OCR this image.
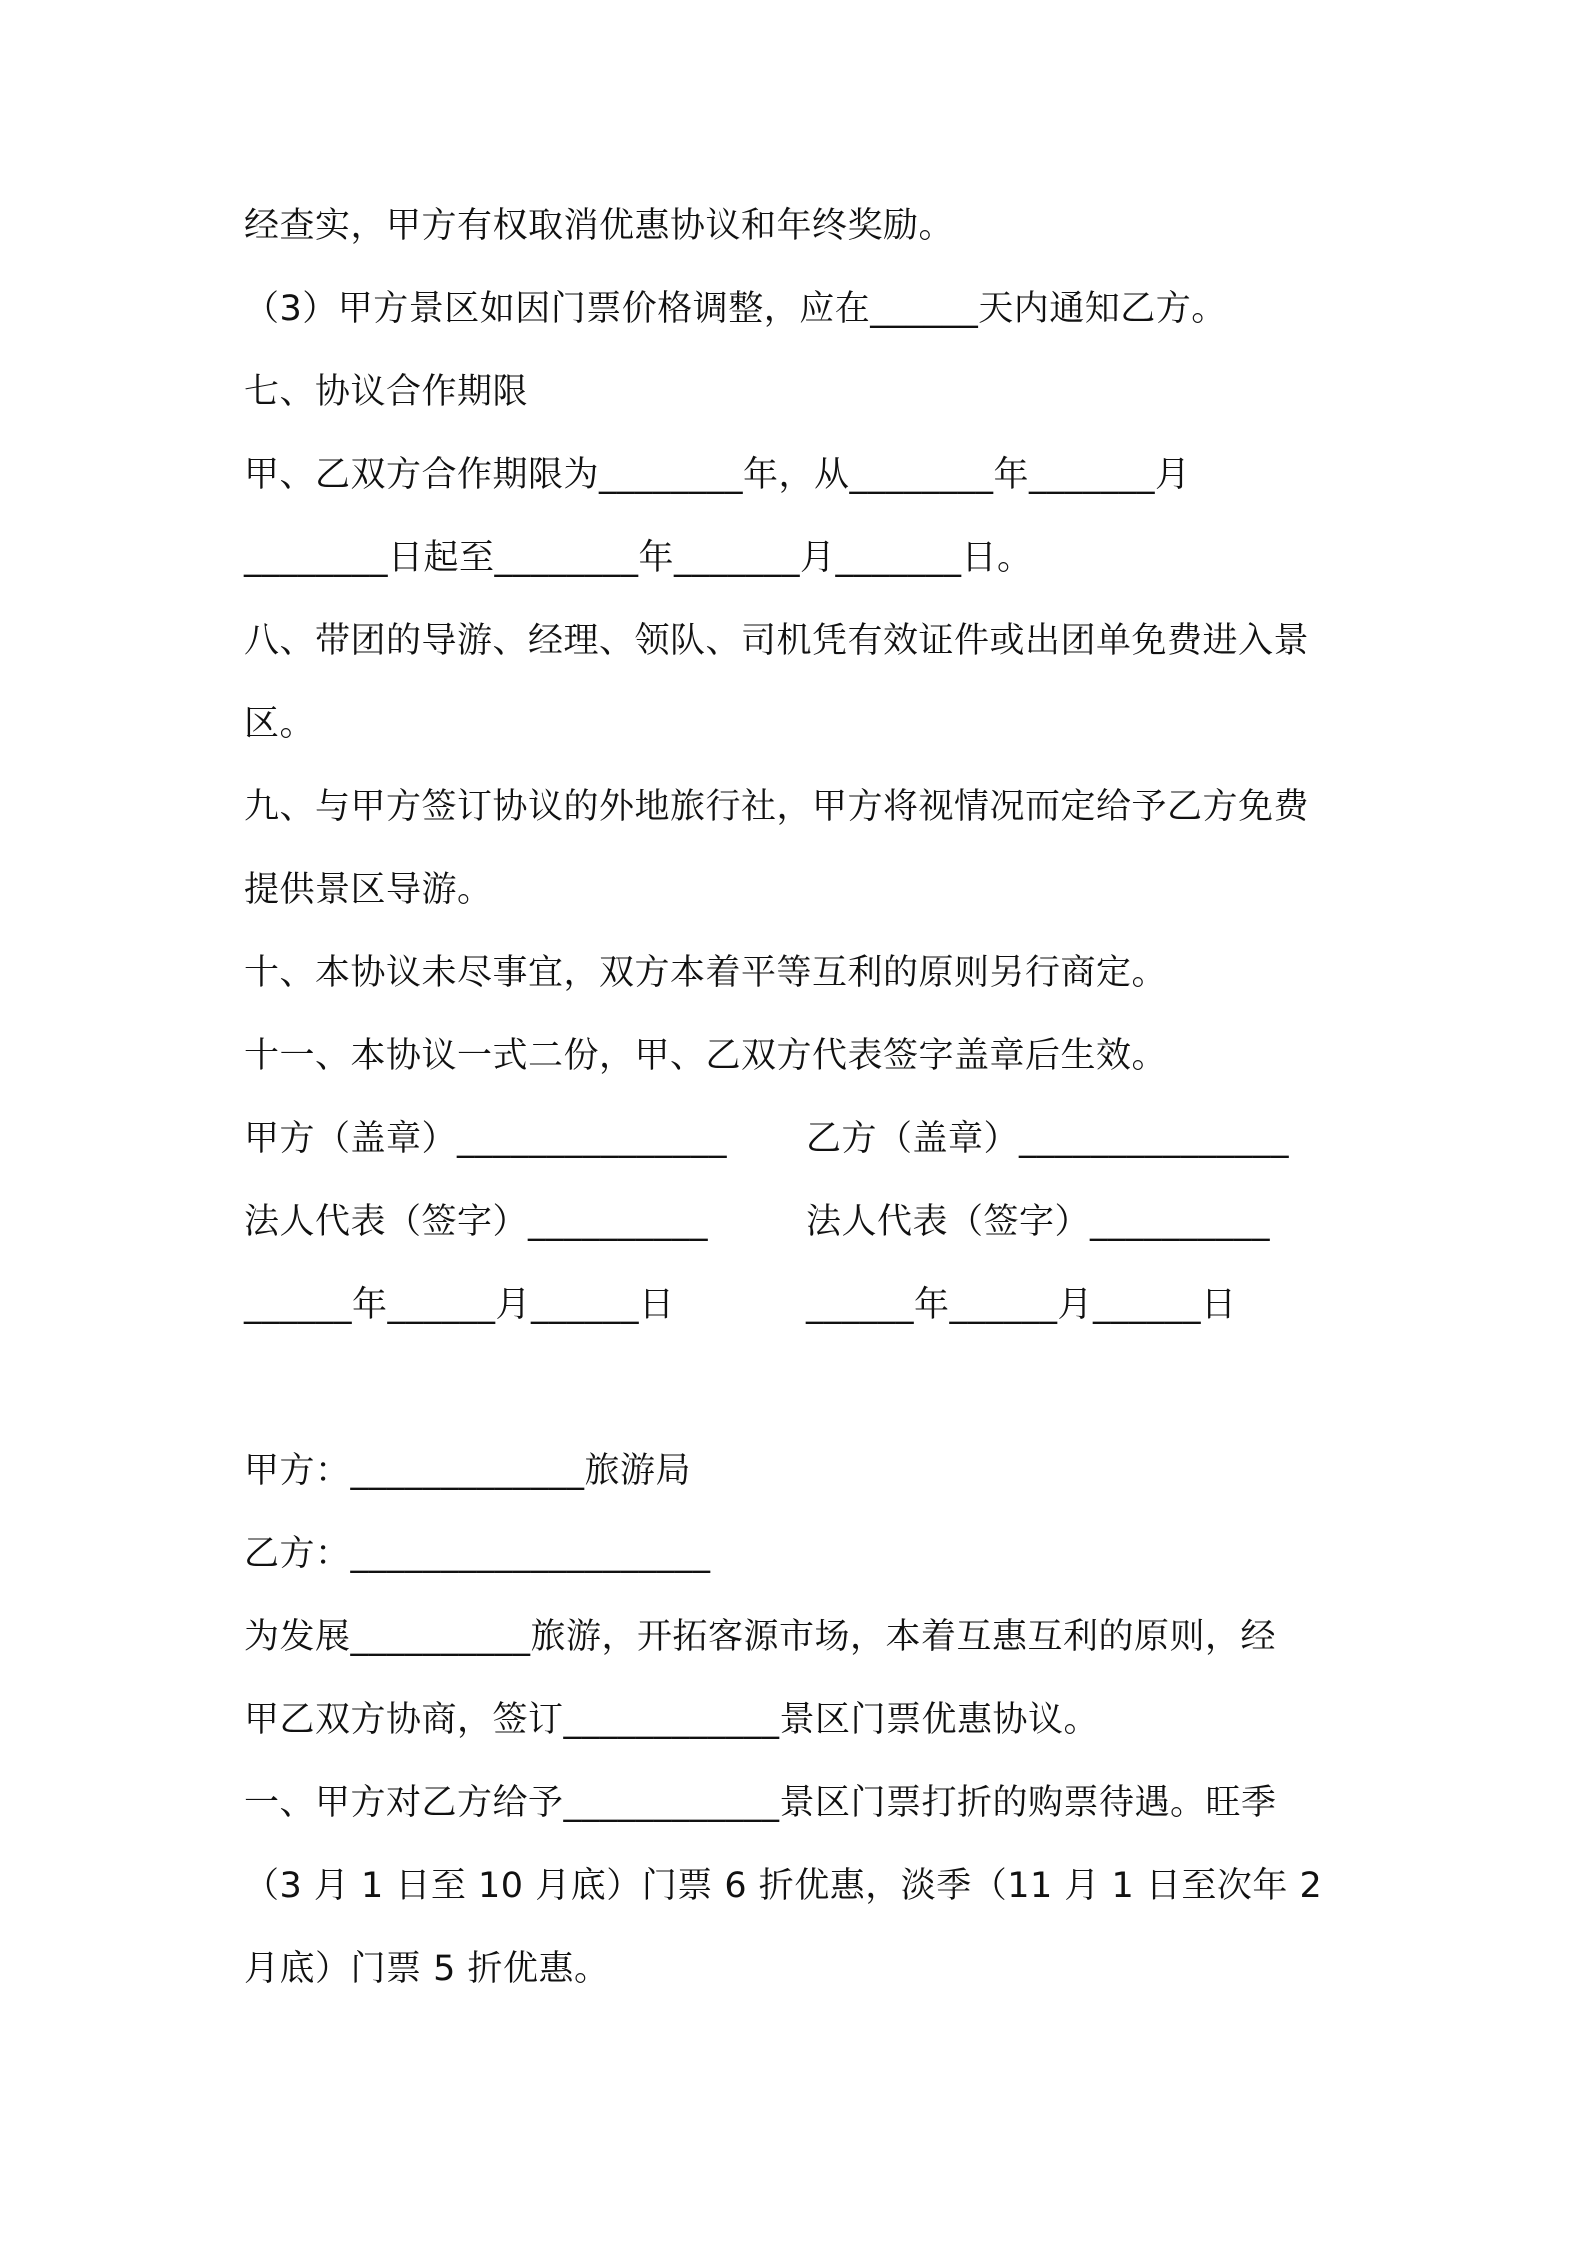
经查实，甲方有权取消优惠协议和年终奖励。
（3）甲方景区如因门票价格调整，应在______天内通知乙方。
七、协议合作期限
甲、乙双方合作期限为________年，从________年_______月
________日起至________年_______月_______日。
八、带团的导游、经理、领队、司机凭有效证件或出团单免费进入景
区。
九、与甲方签订协议的外地旅行社，甲方将视情况而定给予乙方免费
提供景区导游。
十、本协议未尽事宜，双方本着平等互利的原则另行商定。
十一、本协议一式二份，甲、乙双方代表签字盖章后生效。
甲方（盖章）_______________ 乙方（盖章）_______________
法人代表（签字）__________	法人代表（签字）__________
______年______月______日	______年______月______日
甲方：_____________旅游局
乙方：____________________
为发展__________旅游，开拓客源市场，本着互惠互利的原则，经
甲乙双方协商，签订____________景区门票优惠协议。
一、甲方对乙方给予____________景区门票打折的购票待遇。旺季
（3 月 1 日至 10 月底）门票 6 折优惠，淡季（11 月 1 日至次年 2
月底）门票 5 折优惠。
